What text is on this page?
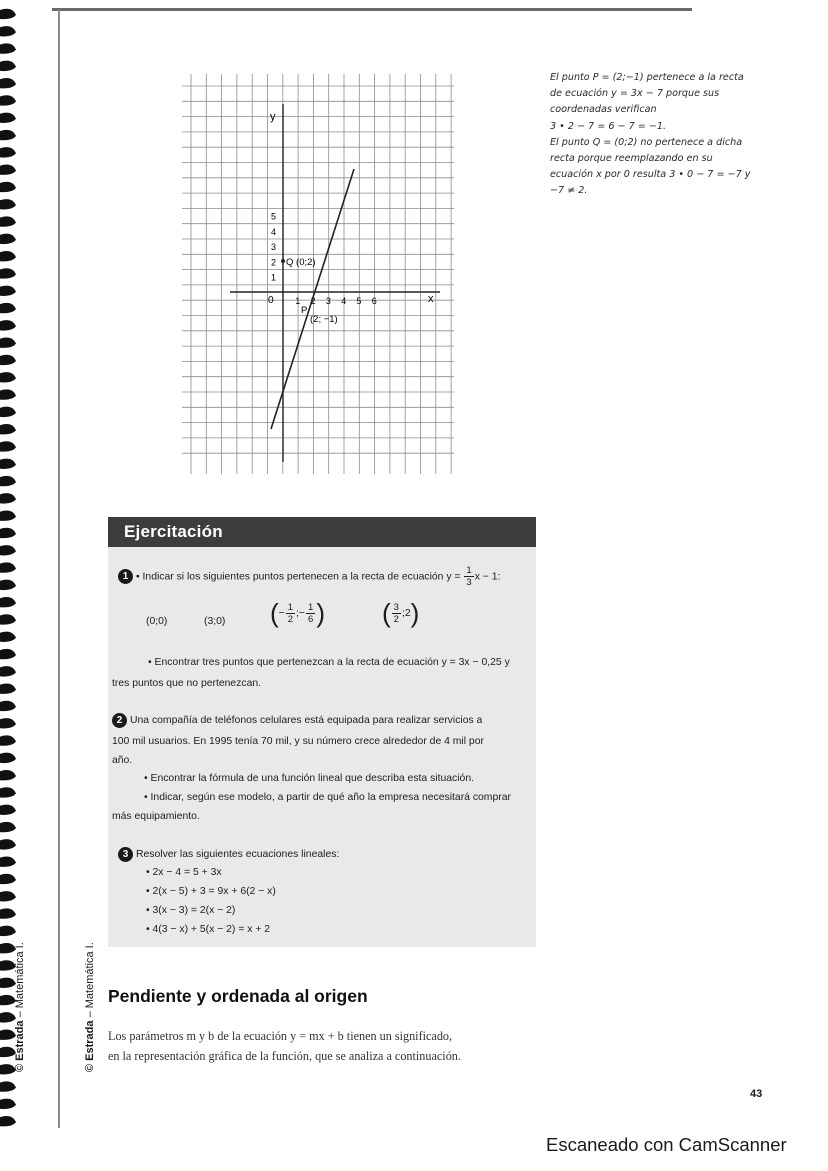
© Estrada – Matemática I.
© Estrada – Matemática I.
y
x
0
1
2
3
4
5
1 2 3 4 5 6
Q (0;2)
P
(2; −1)
El punto P = (2;−1) pertenece a la recta
de ecuación y = 3x − 7 porque sus
coordenadas verifican
3 • 2 − 7 = 6 − 7 = −1.
El punto Q = (0;2) no pertenece a dicha
recta porque reemplazando en su
ecuación x por 0 resulta 3 • 0 − 7 = −7 y
−7 ≠ 2.
Ejercitación
1 • Indicar si los siguientes puntos pertenecen a la recta de ecuación $y = \frac{1}{3}$ x − 1:
• Encontrar tres puntos que pertenezcan a la recta de ecuación y = 3x − 0,25 y
tres puntos que no pertenezcan.
2 Una compañía de teléfonos celulares está equipada para realizar servicios a
100 mil usuarios. En 1995 tenía 70 mil, y su número crece alrededor de 4 mil por
año.
• Encontrar la fórmula de una función lineal que describa esta situación.
• Indicar, según ese modelo, a partir de qué año la empresa necesitará comprar
más equipamiento.
3 Resolver las siguientes ecuaciones lineales:
• 2x − 4 = 5 + 3x
• 2(x − 5) + 3 = 9x + 6(2 − x)
• 3(x − 3) = 2(x − 2)
• 4(3 − x) + 5(x − 2) = x + 2
(0;0)	(3;0) (− $\frac{1}{2}$ ;− $\frac{1}{6}$ ) ( $\frac{3}{2}$ ;2)
Pendiente y ordenada al origen
Los parámetros m y b de la ecuación y = mx + b tienen un significado,
en la representación gráfica de la función, que se analiza a continuación.
43
Escaneado con CamScanner
